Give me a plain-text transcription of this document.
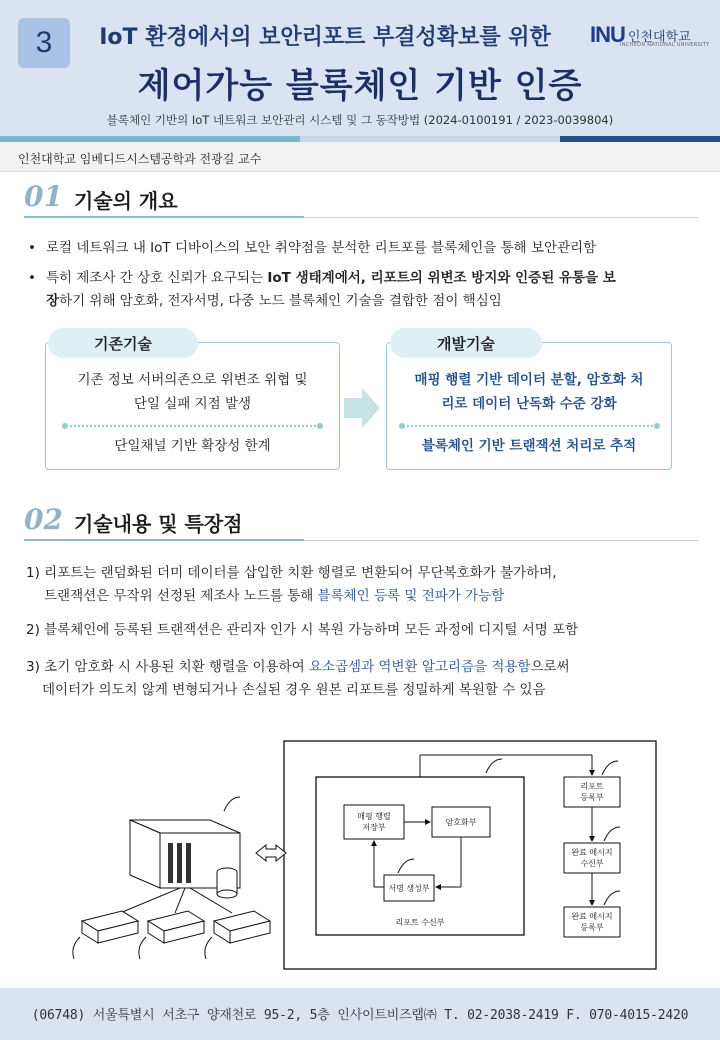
3	IoT 환경에서의 보안리포트 부결성확보를 위한
제어가능 블록체인 기반 인증
INU 인천대학교
INCHEON NATIONAL UNIVERSITY
블록체인 기반의 IoT 네트워크 보안관리 시스템 및 그 동작방법 (2024-0100191 / 2023-0039804)
인천대학교 임베디드시스템공학과 전광길 교수
01 기술의 개요
• 로컬 네트워크 내 IoT 디바이스의 보안 취약점을 분석한 리트포를 블록체인을 통해 보안관리함
• 특히 제조사 간 상호 신뢰가 요구되는 IoT 생태계에서, 리포트의 위변조 방지와 인증된 유통을 보
장하기 위해 암호화, 전자서명, 다중 노드 블록체인 기술을 결합한 점이 핵심임
기존기술
기존 정보 서버의존으로 위변조 위협 및
단일 실패 지점 발생
단일채널 기반 확장성 한계
개발기술
매핑 행렬 기반 데이터 분할, 암호화 처
리로 데이터 난독화 수준 강화
블록체인 기반 트랜잭션 처리로 추적
02 기술내용 및 특장점
1) 리포트는 랜덤화된 더미 데이터를 삽입한 치환 행렬로 변환되어 무단복호화가 불가하며,
트랜잭션은 무작위 선정된 제조사 노드를 통해 블록체인 등록 및 전파가 가능함
2) 블록체인에 등록된 트랜잭션은 관리자 인가 시 복원 가능하며 모든 과정에 디지털 서명 포함
3) 초기 암호화 시 사용된 치환 행렬을 이용하여 요소곱셈과 역변환 알고리즘을 적용함으로써
데이터가 의도치 않게 변형되거나 손실된 경우 원본 리포트를 정밀하게 복원할 수 있음
매핑 행렬
저장부
암호화부
서명 생성부
리포트 수신부
리포트
등록부
완료 메시지
수신부
완료 메시지
등록부
(06748) 서울특별시 서초구 양재천로 95-2, 5층 인사이트비즈랩㈜ T. 02-2038-2419 F. 070-4015-2420
